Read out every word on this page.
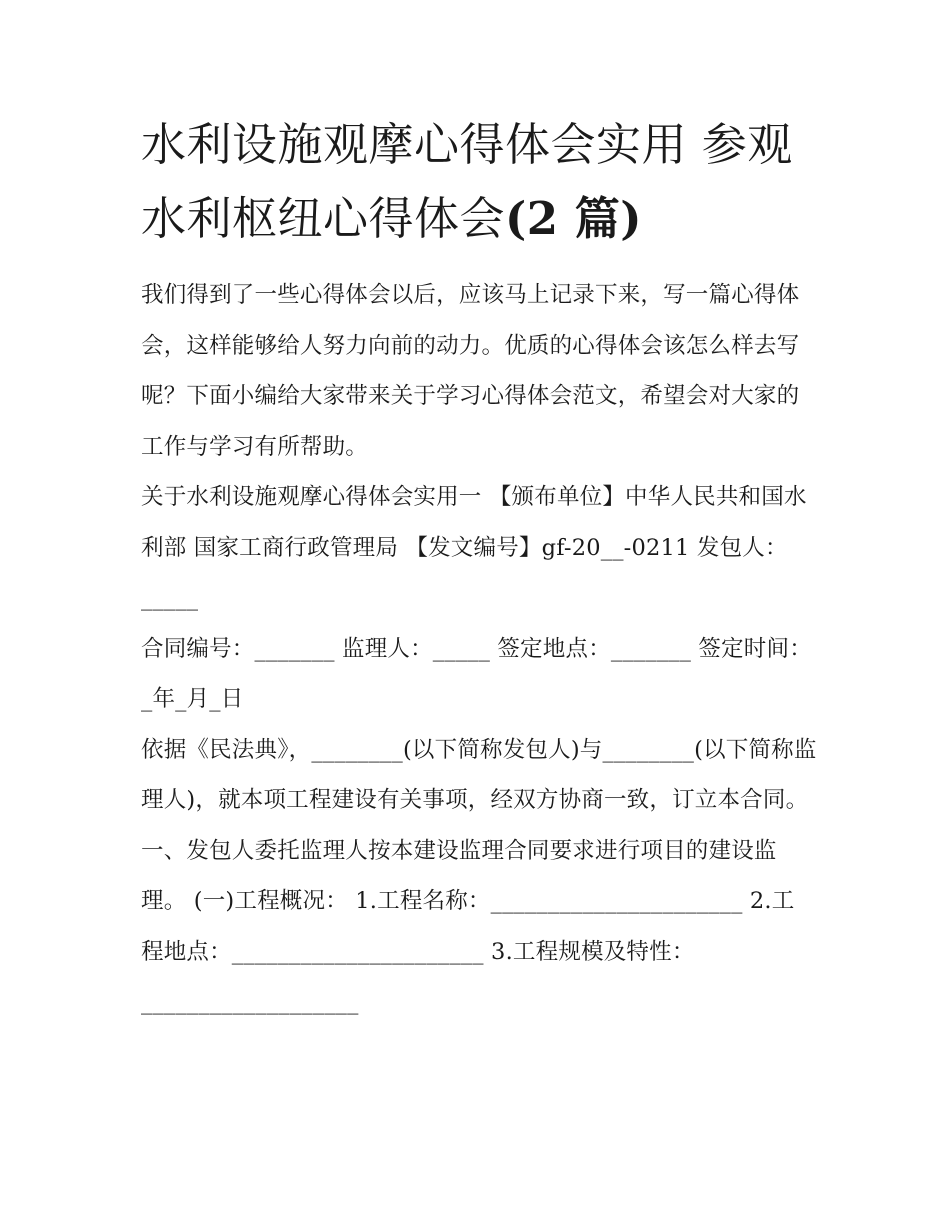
水利设施观摩心得体会实用 参观水利枢纽心得体会(2 篇)

我们得到了一些心得体会以后，应该马上记录下来，写一篇心得体会，这样能够给人努力向前的动力。优质的心得体会该怎么样去写呢？下面小编给大家带来关于学习心得体会范文，希望会对大家的工作与学习有所帮助。

关于水利设施观摩心得体会实用一 【颁布单位】中华人民共和国水利部 国家工商行政管理局 【发文编号】gf-20__-0211 发包人：_____

合同编号：_______ 监理人：_____ 签定地点：_______ 签定时间：_年_月_日

依据《民法典》，________(以下简称发包人)与________(以下简称监理人)，就本项工程建设有关事项，经双方协商一致，订立本合同。

一、发包人委托监理人按本建设监理合同要求进行项目的建设监理。 (一)工程概况： 1.工程名称：______________________ 2.工程地点：______________________ 3.工程规模及特性：___________________
